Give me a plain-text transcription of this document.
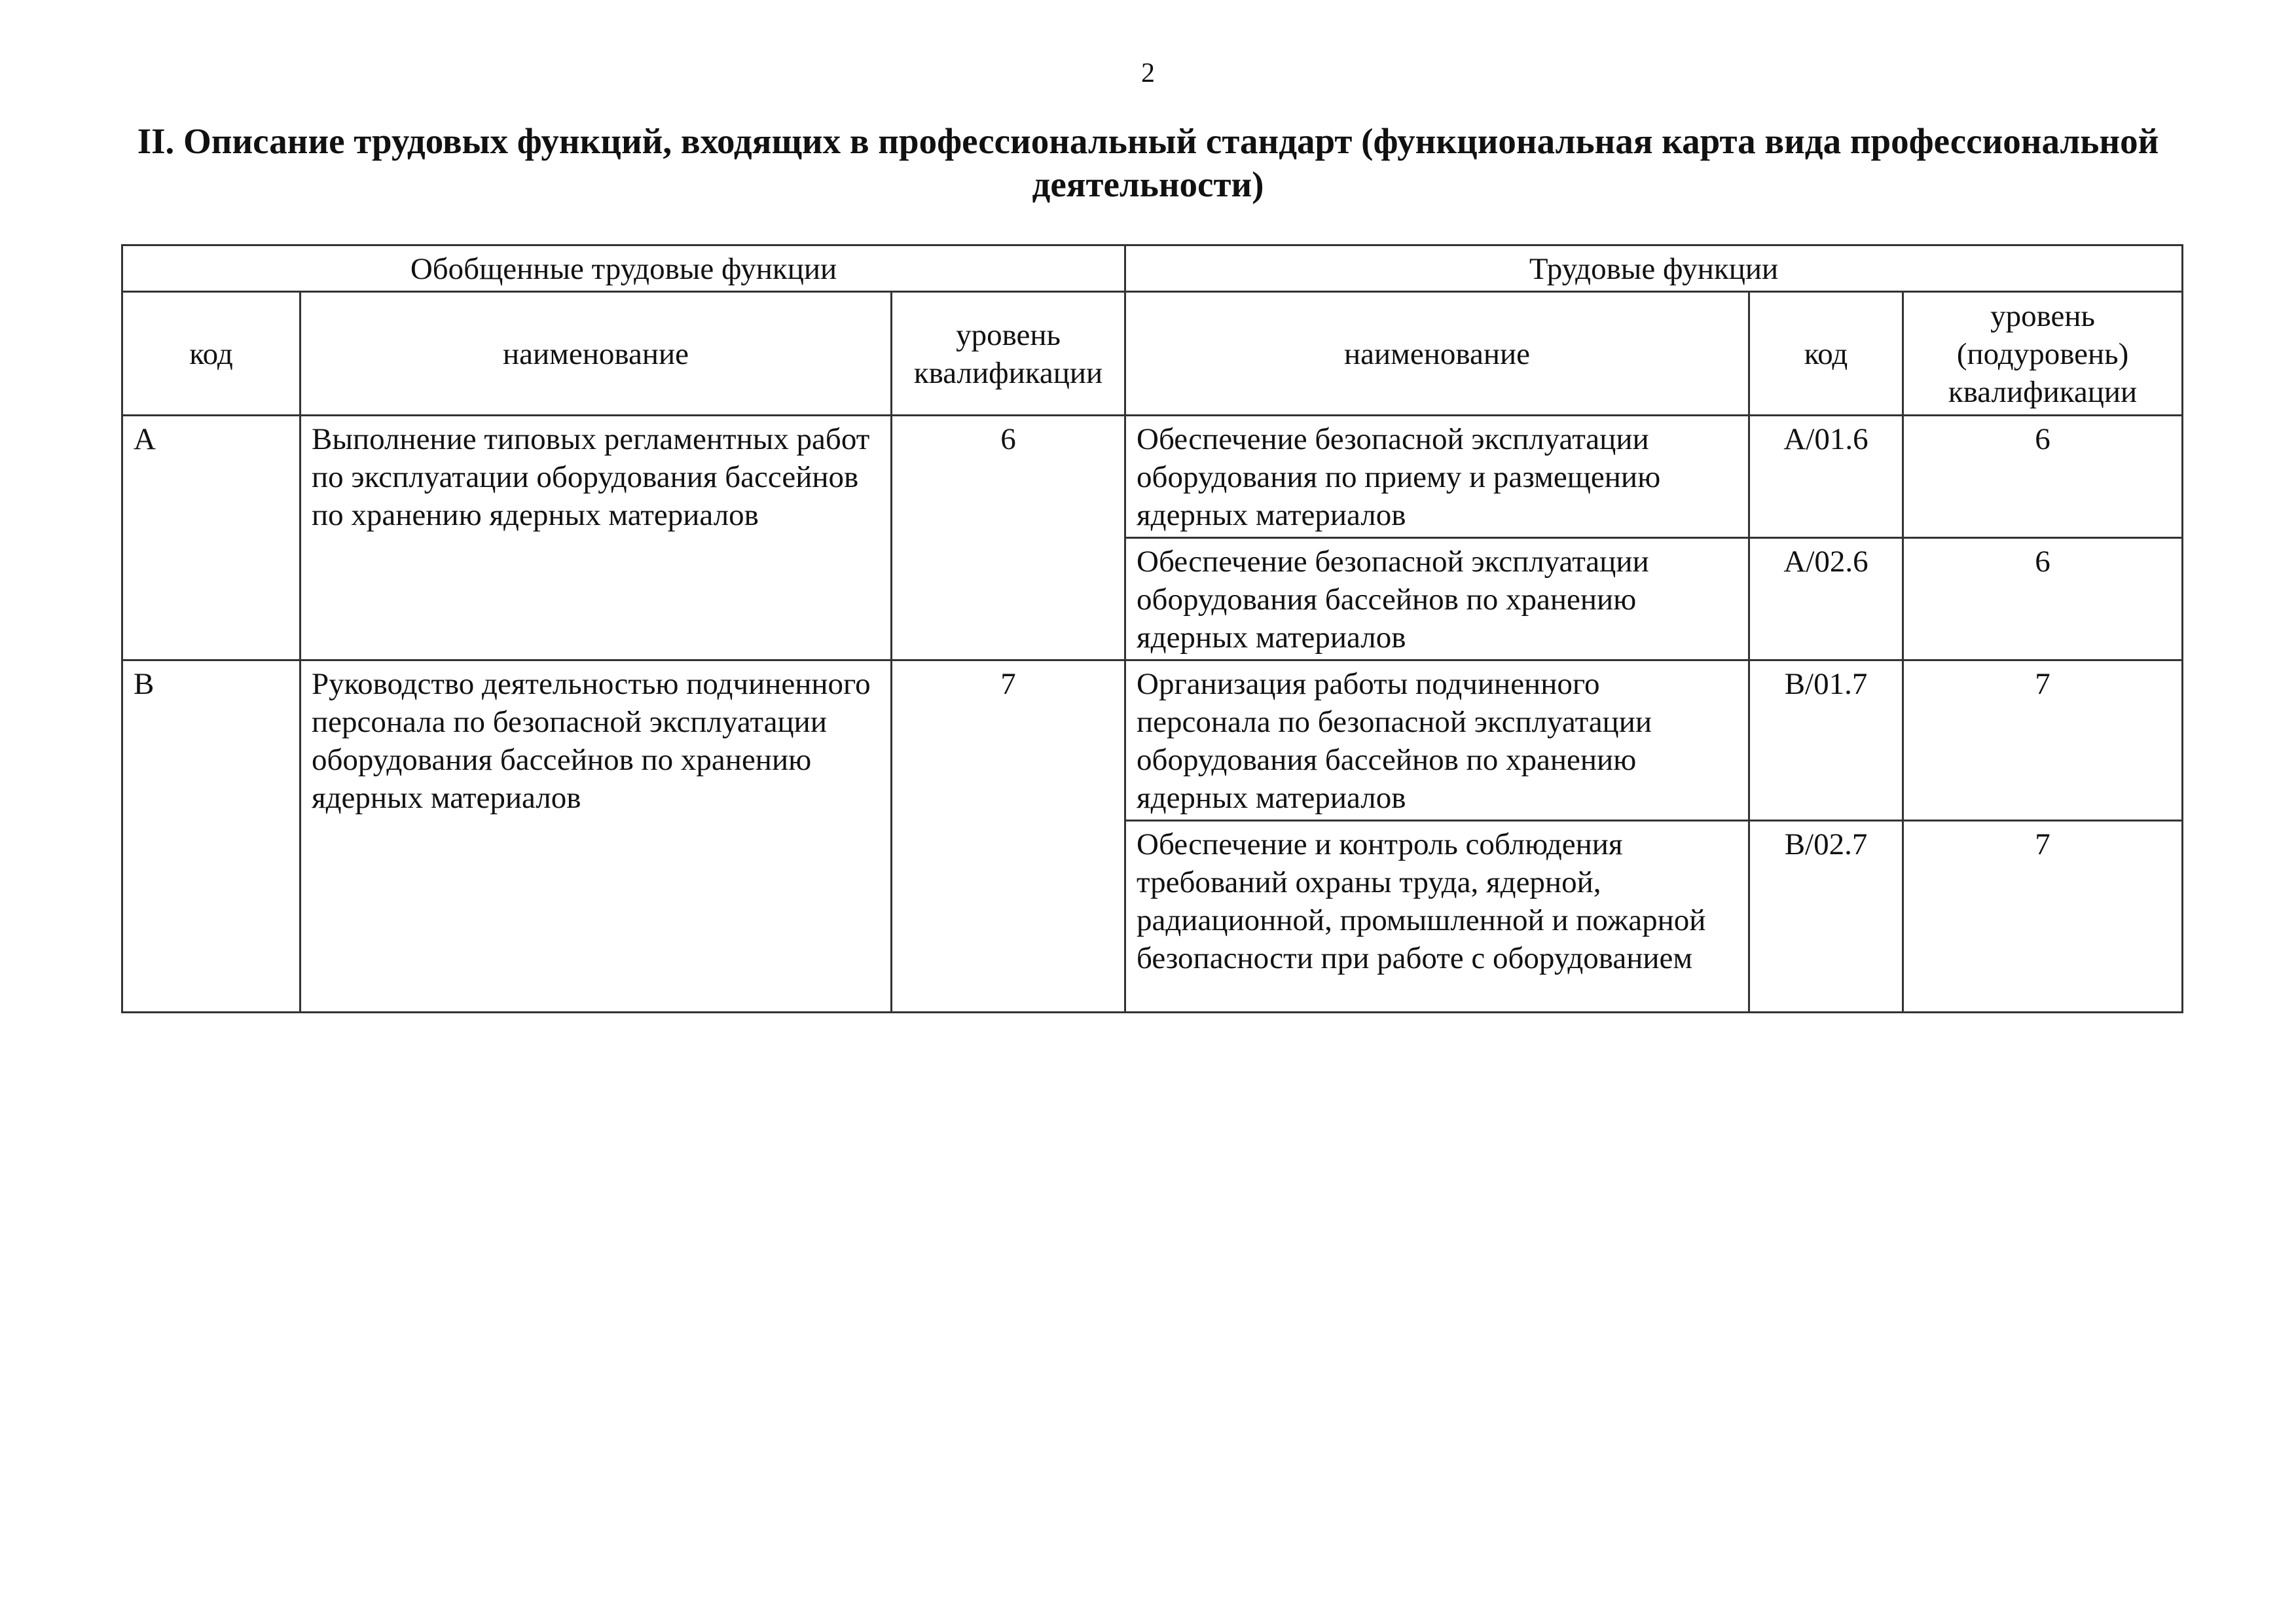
2
II. Описание трудовых функций, входящих в профессиональный стандарт (функциональная карта вида профессиональной деятельности)
Обобщенные трудовые функции			Трудовые функции		
код	наименование	уровень квалификации	наименование	код	уровень (подуровень) квалификации
A	Выполнение типовых регламентных работ по эксплуатации оборудования бассейнов по хранению ядерных материалов	6	Обеспечение безопасной эксплуатации оборудования по приему и размещению ядерных материалов	A/01.6	6
			Обеспечение безопасной эксплуатации оборудования бассейнов по хранению ядерных материалов	A/02.6	6
B	Руководство деятельностью подчиненного персонала по безопасной эксплуатации оборудования бассейнов по хранению ядерных материалов	7	Организация работы подчиненного персонала по безопасной эксплуатации оборудования бассейнов по хранению ядерных материалов	B/01.7	7
			Обеспечение и контроль соблюдения требований охраны труда, ядерной, радиационной, промышленной и пожарной безопасности при работе с оборудованием	B/02.7	7
